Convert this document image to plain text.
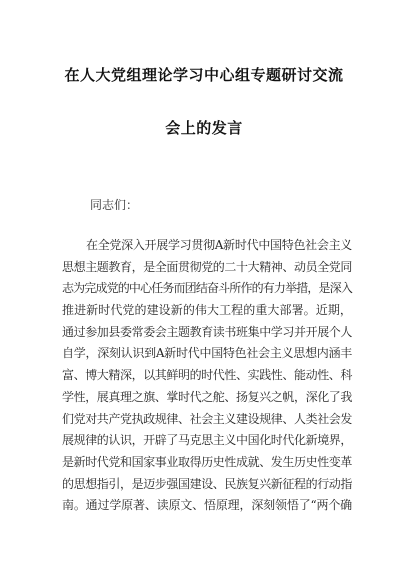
在人大党组理论学习中心组专题研讨交流
会上的发言
同志们：
在全党深入开展学习贯彻A新时代中国特色社会主义
思想主题教育，是全面贯彻党的二十大精神、动员全党同
志为完成党的中心任务而团结奋斗所作的有力举措，是深入
推进新时代党的建设新的伟大工程的重大部署。近期，
通过参加县委常委会主题教育读书班集中学习并开展个人
自学，深刻认识到A新时代中国特色社会主义思想内涵丰
富、博大精深，以其鲜明的时代性、实践性、能动性、科
学性，展真理之旗、掌时代之舵、扬复兴之帆，深化了我
们党对共产党执政规律、社会主义建设规律、人类社会发
展规律的认识，开辟了马克思主义中国化时代化新境界，
是新时代党和国家事业取得历史性成就、发生历史性变革
的思想指引，是迈步强国建设、民族复兴新征程的行动指
南。通过学原著、读原文、悟原理，深刻领悟了“两个确
